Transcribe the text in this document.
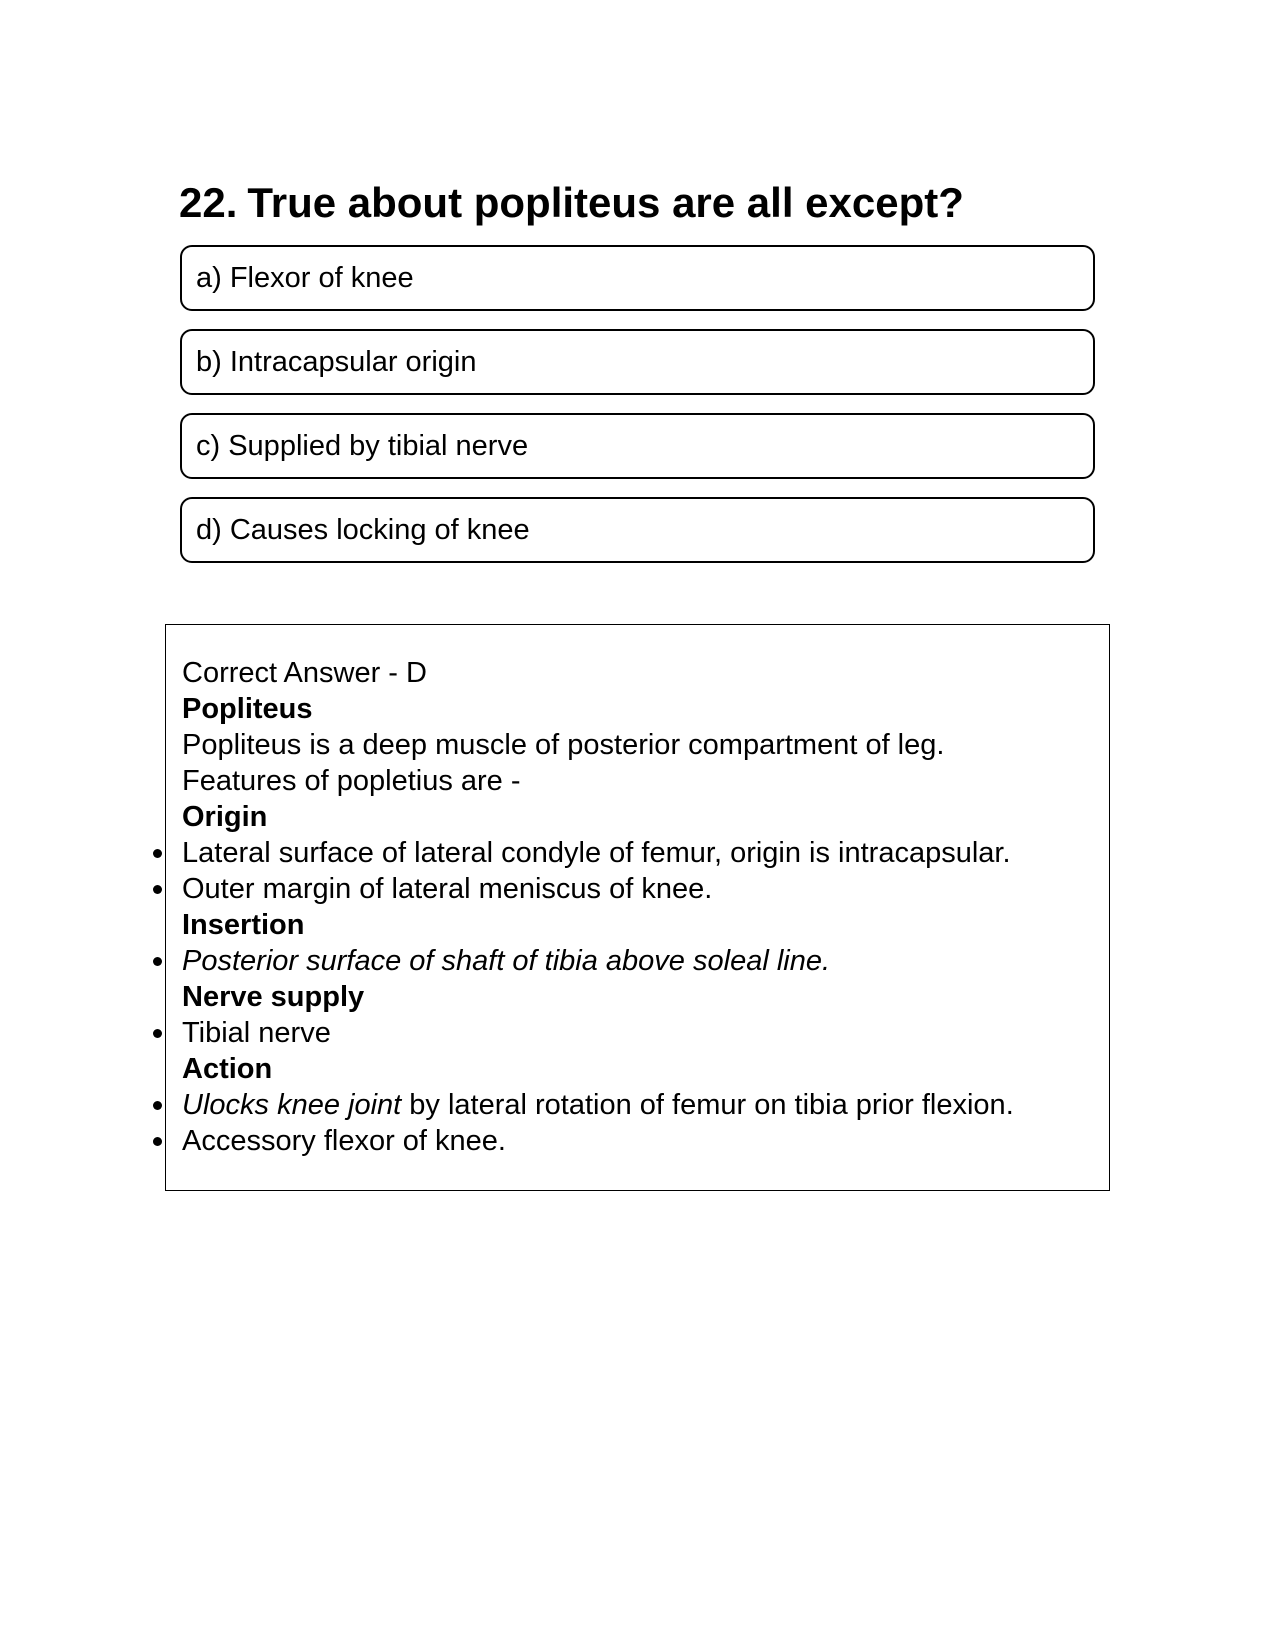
22. True about popliteus are all except?
a) Flexor of knee
b) Intracapsular origin
c) Supplied by tibial nerve
d) Causes locking of knee
Correct Answer - D
Popliteus
Popliteus is a deep muscle of posterior compartment of leg.
Features of popletius are -
Origin
Lateral surface of lateral condyle of femur, origin is intracapsular.
Outer margin of lateral meniscus of knee.
Insertion
Posterior surface of shaft of tibia above soleal line.
Nerve supply
Tibial nerve
Action
Ulocks knee joint by lateral rotation of femur on tibia prior flexion.
Accessory flexor of knee.
